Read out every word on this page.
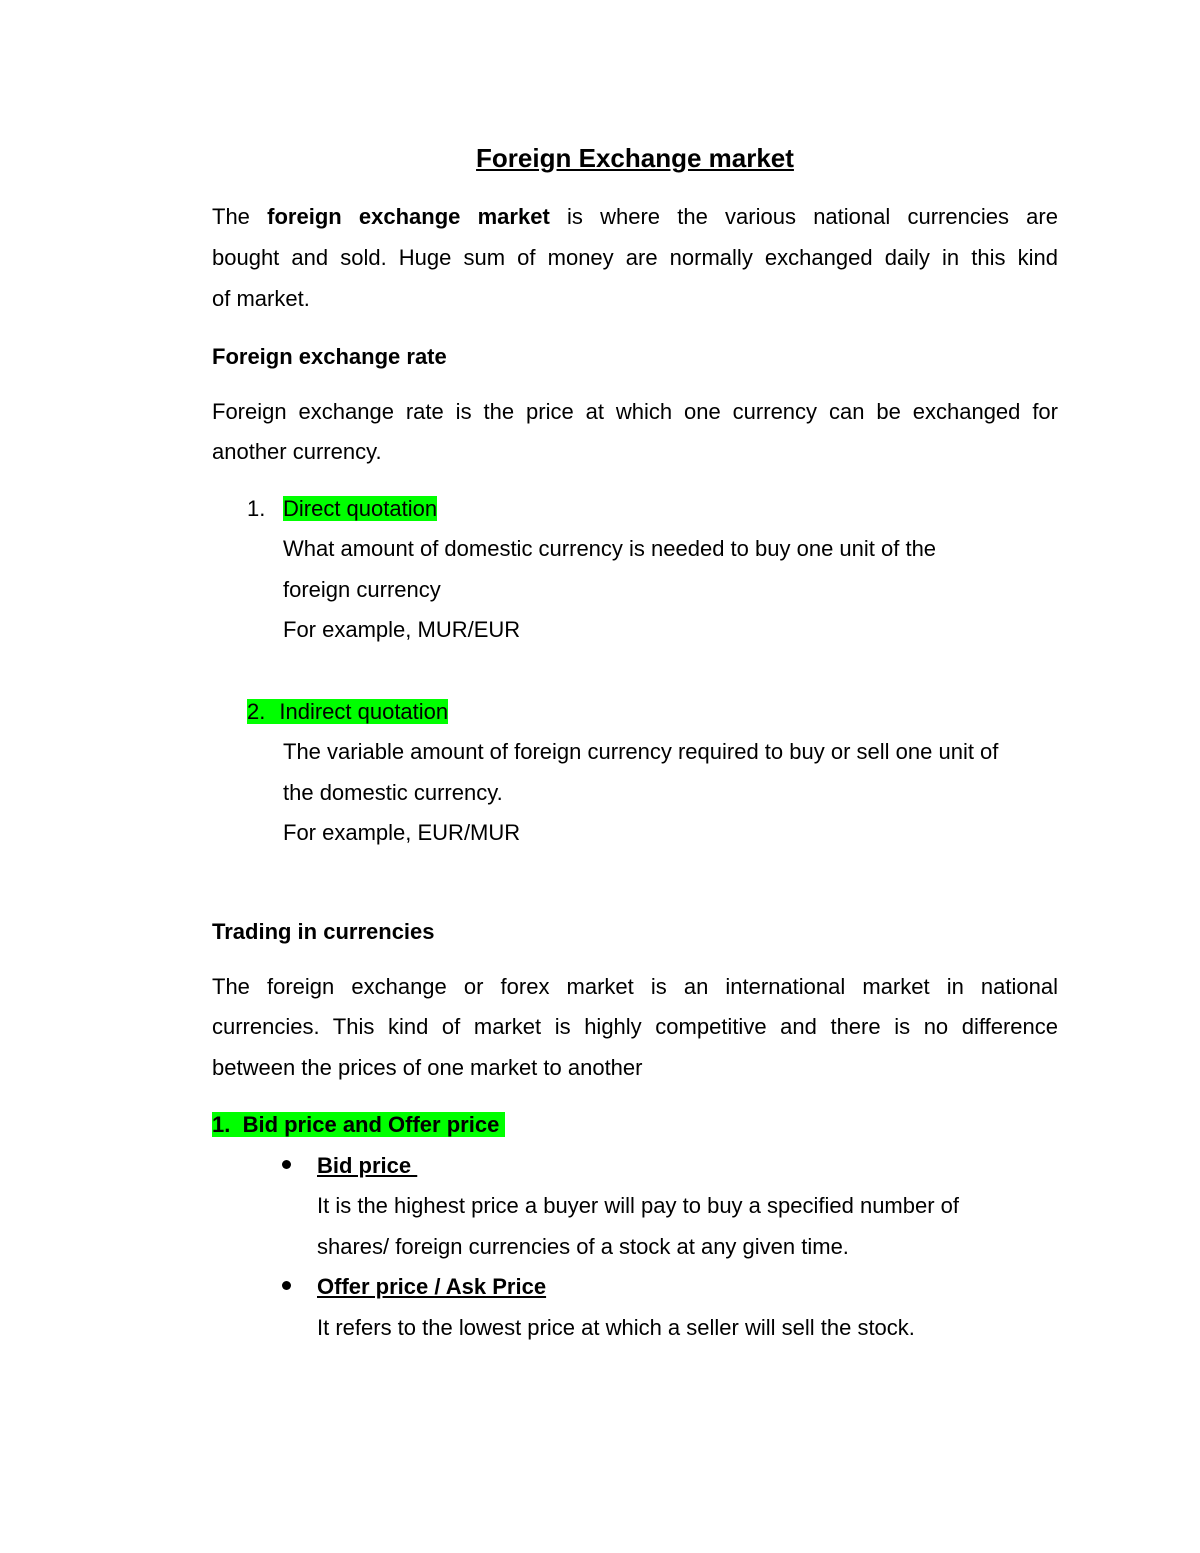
Foreign Exchange market
The foreign exchange market is where the various national currencies are
bought and sold. Huge sum of money are normally exchanged daily in this kind
of market.
Foreign exchange rate
Foreign exchange rate is the price at which one currency can be exchanged for
another currency.
1. Direct quotation
What amount of domestic currency is needed to buy one unit of the
foreign currency
For example, MUR/EUR
2. Indirect quotation
The variable amount of foreign currency required to buy or sell one unit of
the domestic currency.
For example, EUR/MUR
Trading in currencies
The foreign exchange or forex market is an international market in national
currencies. This kind of market is highly competitive and there is no difference
between the prices of one market to another
1.  Bid price and Offer price
Bid price
It is the highest price a buyer will pay to buy a specified number of
shares/ foreign currencies of a stock at any given time.
Offer price / Ask Price
It refers to the lowest price at which a seller will sell the stock.
